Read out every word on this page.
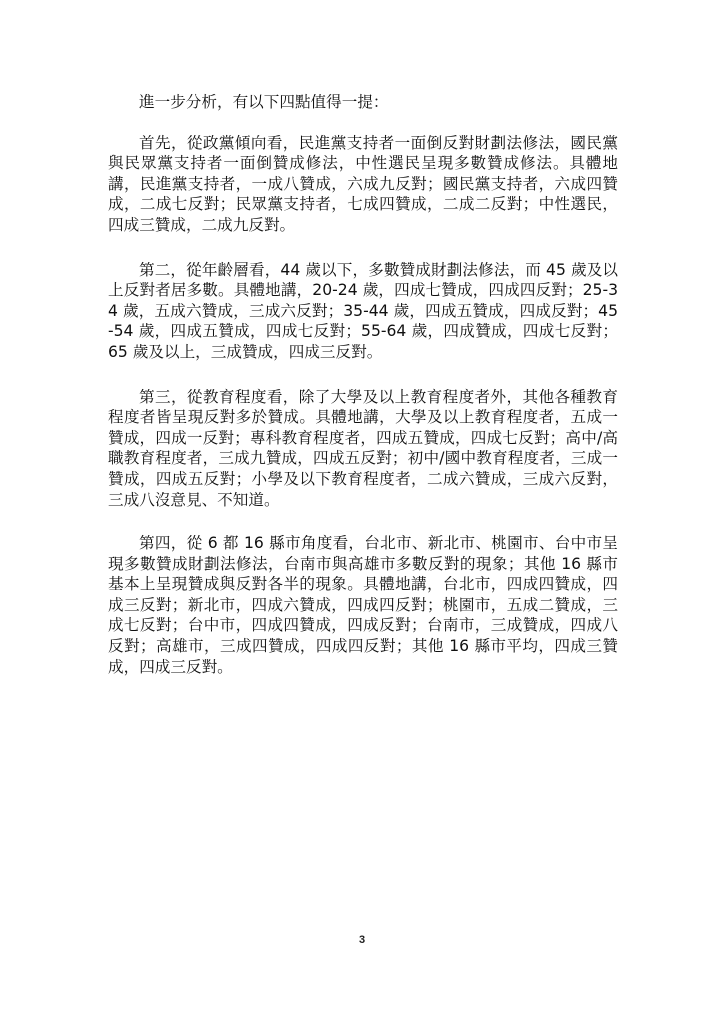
進一步分析，有以下四點值得一提：

首先，從政黨傾向看，民進黨支持者一面倒反對財劃法修法，國民黨與民眾黨支持者一面倒贊成修法，中性選民呈現多數贊成修法。具體地講，民進黨支持者，一成八贊成，六成九反對；國民黨支持者，六成四贊成，二成七反對；民眾黨支持者，七成四贊成，二成二反對；中性選民，四成三贊成，二成九反對。

第二，從年齡層看，44 歲以下，多數贊成財劃法修法，而 45 歲及以上反對者居多數。具體地講，20-24 歲，四成七贊成，四成四反對；25-34 歲，五成六贊成，三成六反對；35-44 歲，四成五贊成，四成反對；45-54 歲，四成五贊成，四成七反對；55-64 歲，四成贊成，四成七反對；65 歲及以上，三成贊成，四成三反對。

第三，從教育程度看，除了大學及以上教育程度者外，其他各種教育程度者皆呈現反對多於贊成。具體地講，大學及以上教育程度者，五成一贊成，四成一反對；專科教育程度者，四成五贊成，四成七反對；高中/高職教育程度者，三成九贊成，四成五反對；初中/國中教育程度者，三成一贊成，四成五反對；小學及以下教育程度者，二成六贊成，三成六反對，三成八沒意見、不知道。

第四，從 6 都 16 縣市角度看，台北市、新北市、桃園市、台中市呈現多數贊成財劃法修法，台南市與高雄市多數反對的現象；其他 16 縣市基本上呈現贊成與反對各半的現象。具體地講，台北市，四成四贊成，四成三反對；新北市，四成六贊成，四成四反對；桃園市，五成二贊成，三成七反對；台中市，四成四贊成，四成反對；台南市，三成贊成，四成八反對；高雄市，三成四贊成，四成四反對；其他 16 縣市平均，四成三贊成，四成三反對。

3
